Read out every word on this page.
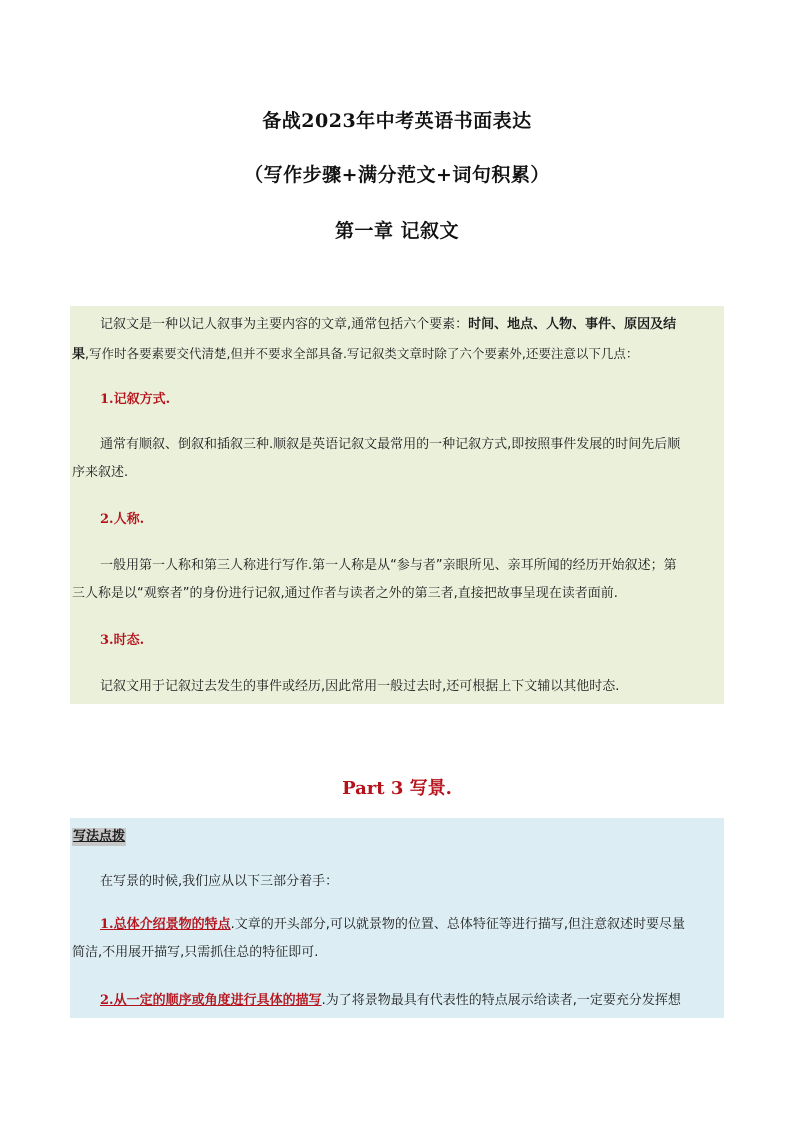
备战2023年中考英语书面表达
（写作步骤+满分范文+词句积累）
第一章 记叙文
记叙文是一种以记人叙事为主要内容的文章,通常包括六个要素：时间、地点、人物、事件、原因及结
果,写作时各要素要交代清楚,但并不要求全部具备.写记叙类文章时除了六个要素外,还要注意以下几点：
1.记叙方式.
通常有顺叙、倒叙和插叙三种.顺叙是英语记叙文最常用的一种记叙方式,即按照事件发展的时间先后顺
序来叙述.
2.人称.
一般用第一人称和第三人称进行写作.第一人称是从“参与者”亲眼所见、亲耳所闻的经历开始叙述；第
三人称是以“观察者”的身份进行记叙,通过作者与读者之外的第三者,直接把故事呈现在读者面前.
3.时态.
记叙文用于记叙过去发生的事件或经历,因此常用一般过去时,还可根据上下文辅以其他时态.
Part 3 写景.
写法点拨
在写景的时候,我们应从以下三部分着手：
1.总体介绍景物的特点.文章的开头部分,可以就景物的位置、总体特征等进行描写,但注意叙述时要尽量
简洁,不用展开描写,只需抓住总的特征即可.
2.从一定的顺序或角度进行具体的描写.为了将景物最具有代表性的特点展示给读者,一定要充分发挥想
